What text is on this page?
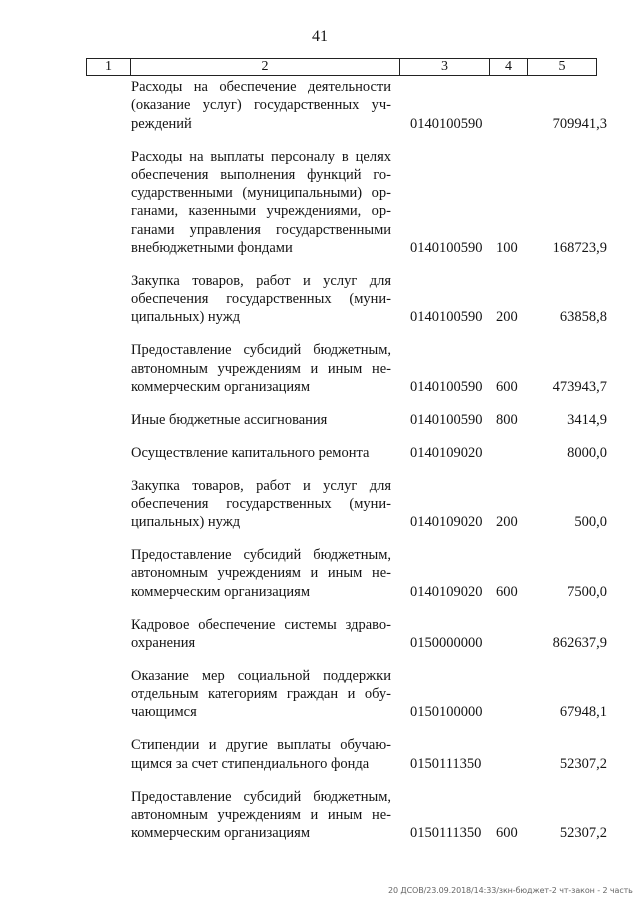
41
1	2	3	4	5
Расходы на обеспечение деятельности
(оказание услуг) государственных уч-
реждений	0140100590	709941,3
Расходы на выплаты персоналу в целях
обеспечения выполнения функций го-
сударственными (муниципальными) ор-
ганами, казенными учреждениями, ор-
ганами управления государственными
внебюджетными фондами	0140100590 100 168723,9
Закупка товаров, работ и услуг для
обеспечения государственных (муни-
ципальных) нужд	0140100590 200	63858,8
Предоставление субсидий бюджетным,
автономным учреждениям и иным не-
коммерческим организациям	0140100590 600 473943,7
Иные бюджетные ассигнования	0140100590 800	3414,9
Осуществление капитального ремонта	0140109020	8000,0
Закупка товаров, работ и услуг для
обеспечения государственных (муни-
ципальных) нужд	0140109020 200	500,0
Предоставление субсидий бюджетным,
автономным учреждениям и иным не-
коммерческим организациям	0140109020 600	7500,0
Кадровое обеспечение системы здраво-
охранения	0150000000	862637,9
Оказание мер социальной поддержки
отдельным категориям граждан и обу-
чающимся	0150100000	67948,1
Стипендии и другие выплаты обучаю-
щимся за счет стипендиального фонда	0150111350	52307,2
Предоставление субсидий бюджетным,
автономным учреждениям и иным не-
коммерческим организациям	0150111350 600	52307,2
20 ДСОВ/23.09.2018/14:33/зкн-бюджет-2 чт-закон - 2 часть
